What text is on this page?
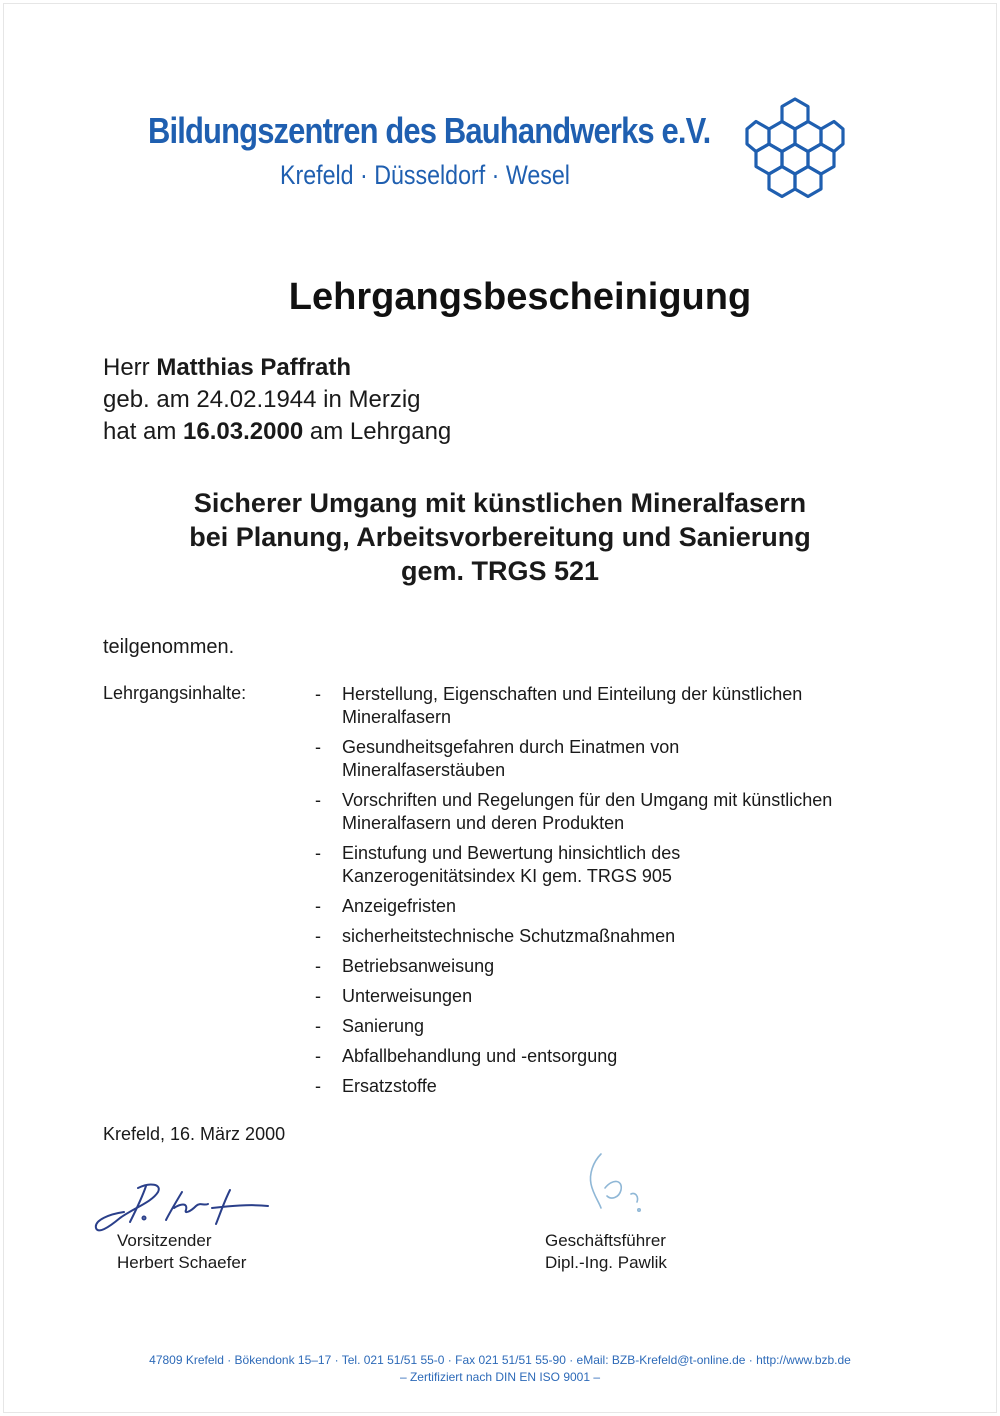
Bildungszentren des Bauhandwerks e.V.
Krefeld · Düsseldorf · Wesel
Lehrgangsbescheinigung
Herr Matthias Paffrath
geb. am 24.02.1944 in Merzig
hat am 16.03.2000 am Lehrgang
Sicherer Umgang mit künstlichen Mineralfasern
bei Planung, Arbeitsvorbereitung und Sanierung
gem. TRGS 521
teilgenommen.
Lehrgangsinhalte:	-	Herstellung, Eigenschaften und Einteilung der künstlichen
Mineralfasern
-	Gesundheitsgefahren durch Einatmen von
Mineralfaserstäuben
-	Vorschriften und Regelungen für den Umgang mit künstlichen
Mineralfasern und deren Produkten
-	Einstufung und Bewertung hinsichtlich des
Kanzerogenitätsindex KI gem. TRGS 905
-	Anzeigefristen
-	sicherheitstechnische Schutzmaßnahmen
-	Betriebsanweisung
-	Unterweisungen
-	Sanierung
-	Abfallbehandlung und -entsorgung
-	Ersatzstoffe
Krefeld, 16. März 2000
Vorsitzender
Herbert Schaefer
Geschäftsführer
Dipl.-Ing. Pawlik
47809 Krefeld · Bökendonk 15–17 · Tel. 021 51/51 55-0 · Fax 021 51/51 55-90 · eMail: BZB-Krefeld@t-online.de · http://www.bzb.de
– Zertifiziert nach DIN EN ISO 9001 –
